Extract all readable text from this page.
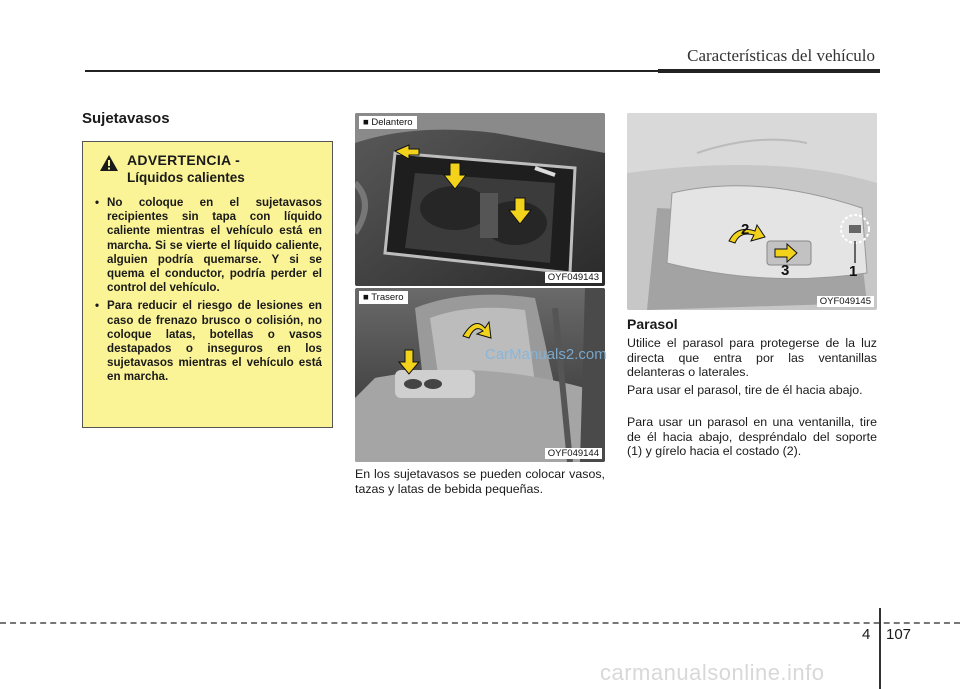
Características del vehículo
Sujetavasos
ADVERTENCIA -
Líquidos calientes
• No coloque en el sujetavasos recipientes sin tapa con líquido caliente mientras el vehículo está en marcha. Si se vierte el líquido caliente, alguien podría quemarse. Y si se quema el conductor, podría perder el control del vehículo.
• Para reducir el riesgo de lesiones en caso de frenazo brusco o colisión, no coloque latas, botellas o vasos destapados o inseguros en los sujetavasos mientras el vehículo está en marcha.
■ Delantero
OYF049143
■ Trasero
OYF049144
CarManuals2.com
En los sujetavasos se pueden colocar vasos, tazas y latas de bebida pequeñas.
2
3	1
OYF049145
Parasol
Utilice el parasol para protegerse de la luz directa que entra por las ventanillas delanteras o laterales.
Para usar el parasol, tire de él hacia abajo.
Para usar un parasol en una ventanilla, tire de él hacia abajo, despréndalo del soporte (1) y gírelo hacia el costado (2).
4 107
carmanualsonline.info
